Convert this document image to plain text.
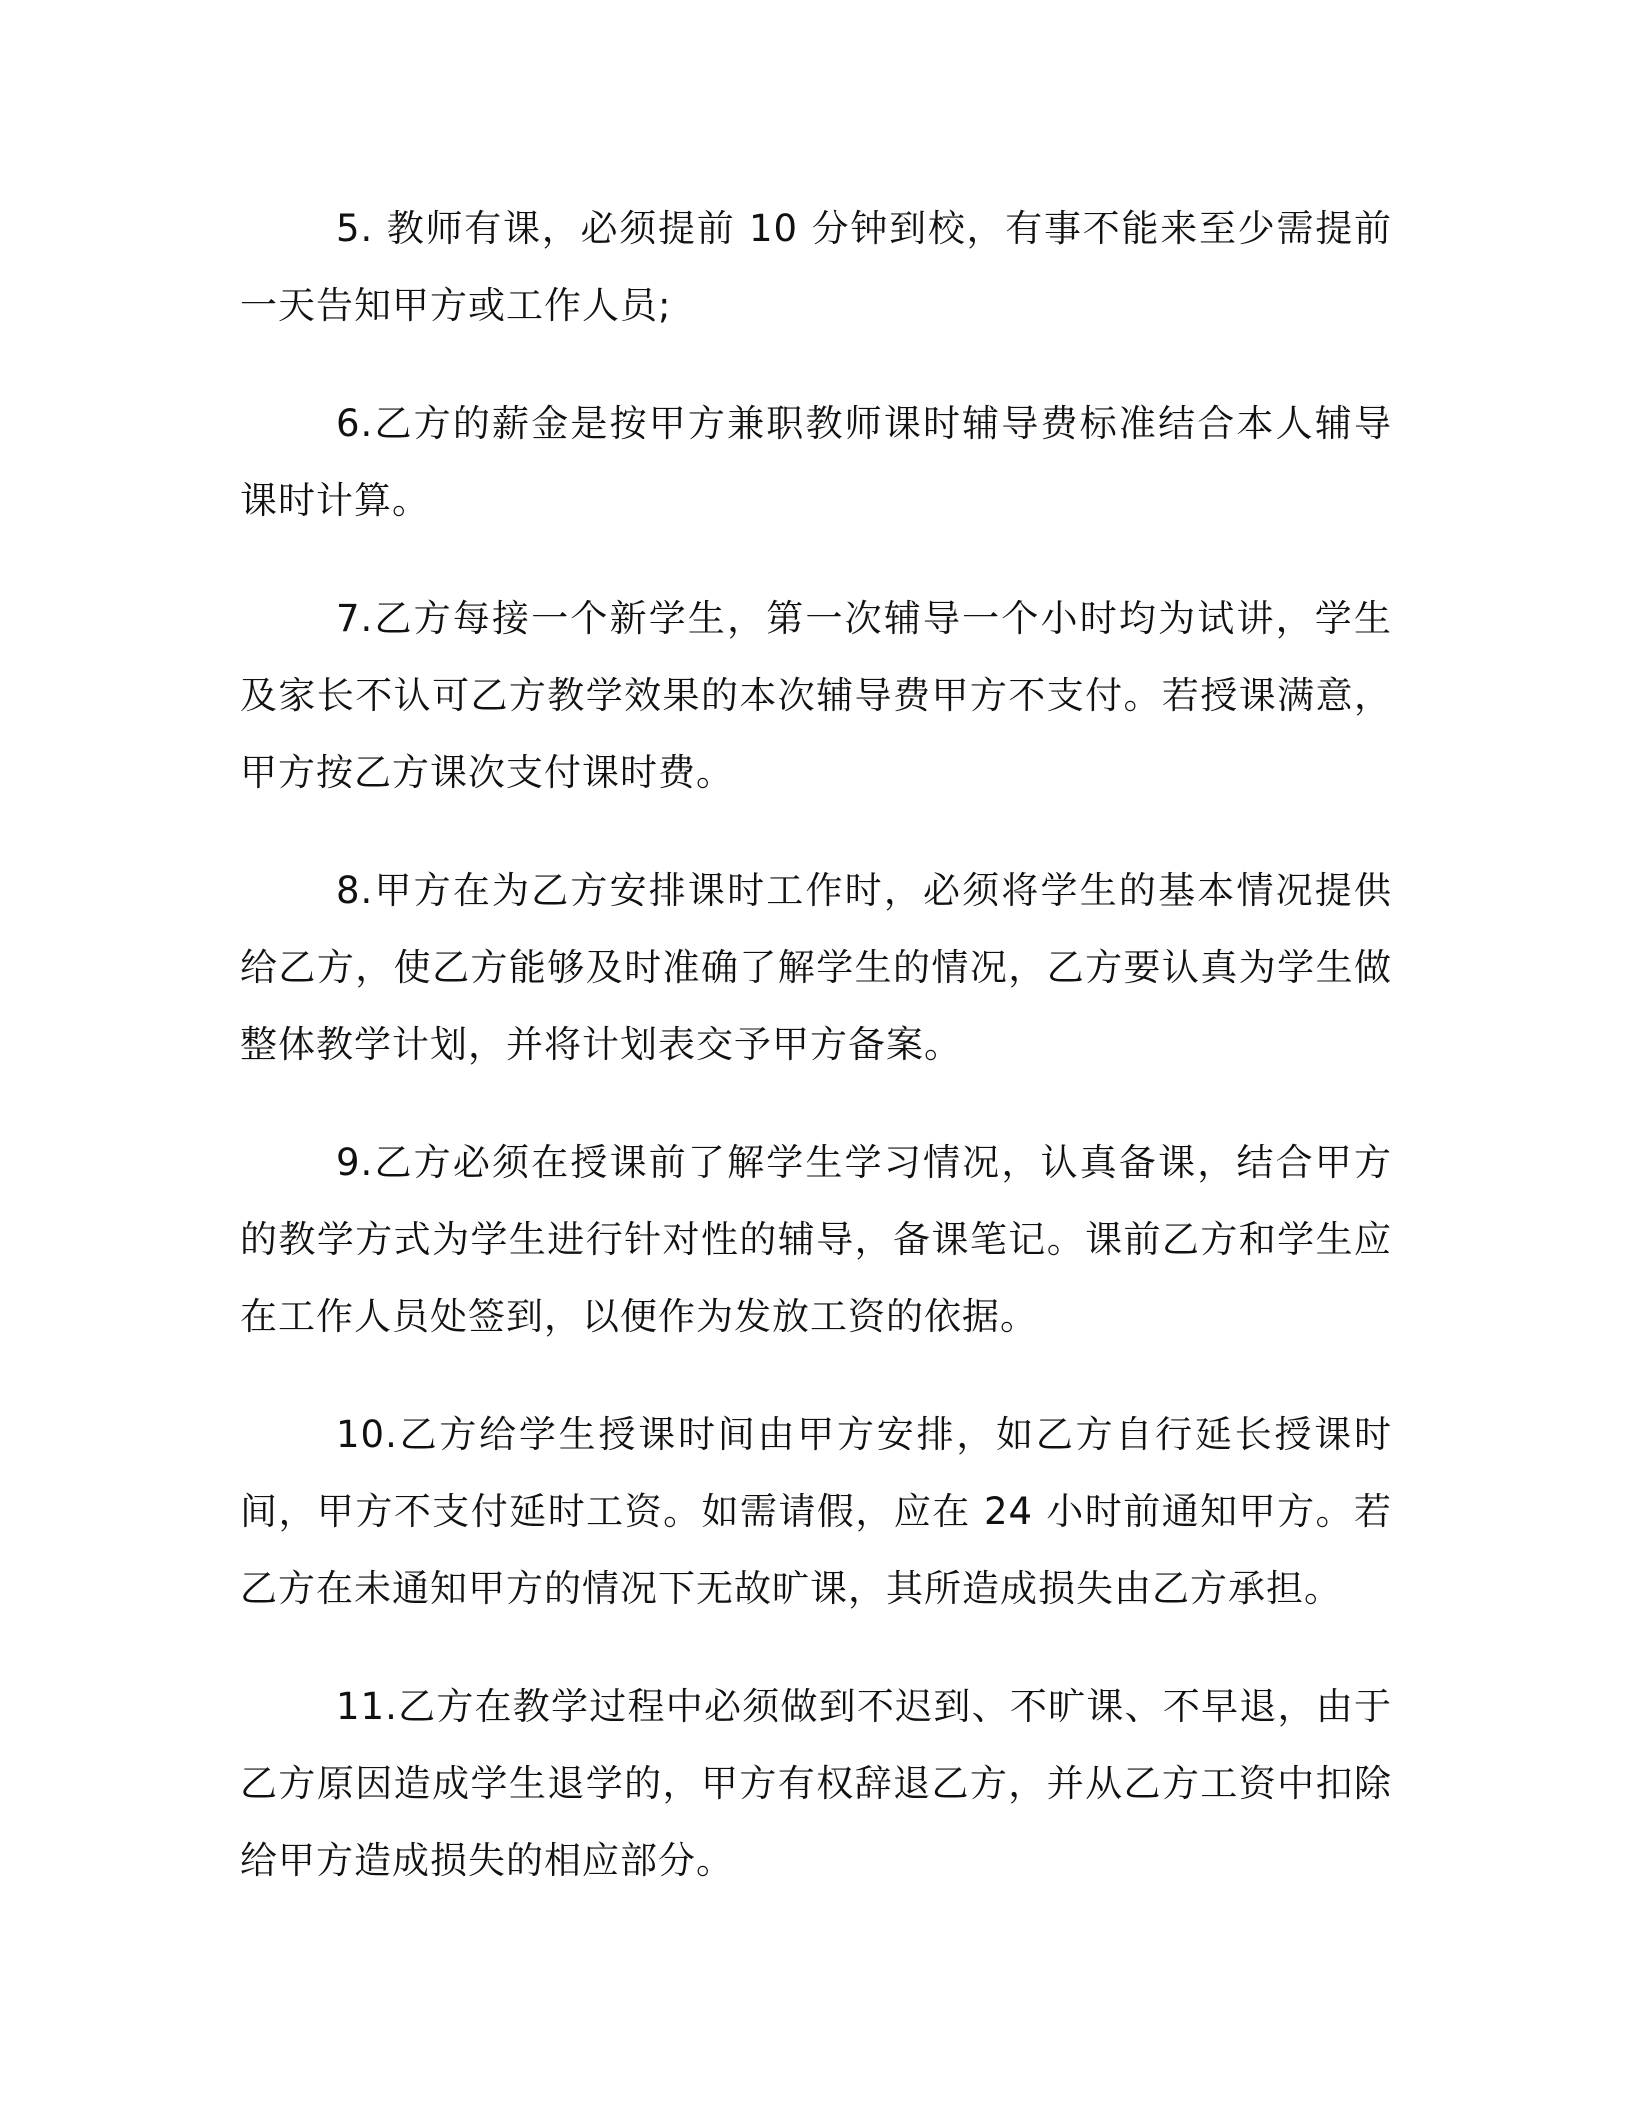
5. 教师有课，必须提前 10 分钟到校，有事不能来至少需提前一天告知甲方或工作人员;

6.乙方的薪金是按甲方兼职教师课时辅导费标准结合本人辅导课时计算。

7.乙方每接一个新学生，第一次辅导一个小时均为试讲，学生及家长不认可乙方教学效果的本次辅导费甲方不支付。若授课满意，甲方按乙方课次支付课时费。

8.甲方在为乙方安排课时工作时，必须将学生的基本情况提供给乙方，使乙方能够及时准确了解学生的情况，乙方要认真为学生做整体教学计划，并将计划表交予甲方备案。

9.乙方必须在授课前了解学生学习情况，认真备课，结合甲方的教学方式为学生进行针对性的辅导，备课笔记。课前乙方和学生应在工作人员处签到，以便作为发放工资的依据。

10.乙方给学生授课时间由甲方安排，如乙方自行延长授课时间，甲方不支付延时工资。如需请假，应在 24 小时前通知甲方。若乙方在未通知甲方的情况下无故旷课，其所造成损失由乙方承担。

11.乙方在教学过程中必须做到不迟到、不旷课、不早退，由于乙方原因造成学生退学的，甲方有权辞退乙方，并从乙方工资中扣除给甲方造成损失的相应部分。
